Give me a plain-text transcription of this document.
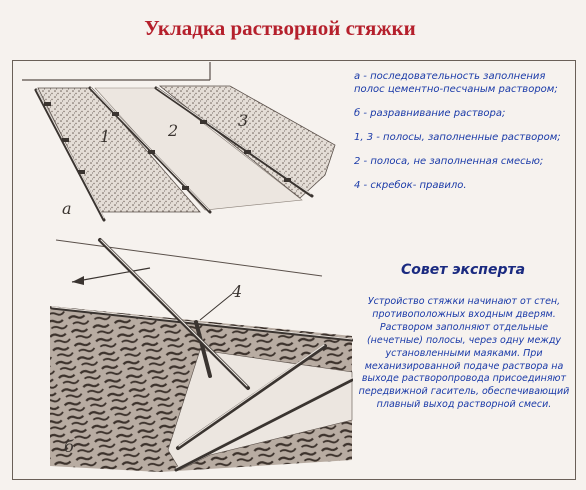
Укладка растворной стяжки
1	2
3
а
4
б

а - последовательность заполнения полос цементно-песчаным раствором;

б - разравнивание раствора;

1, 3 - полосы, заполненные раствором;

2 - полоса, не заполненная смесью;

4 - скребок- правило.

Совет эксперта
Устройство стяжки начинают от стен, противоположных входным дверям. Раствором заполняют отдельные (нечетные) полосы, через одну между установленными маяками. При механизированной подаче раствора на выходе растворопровода присоединяют передвижной гаситель, обеспечивающий плавный выход растворной смеси.
